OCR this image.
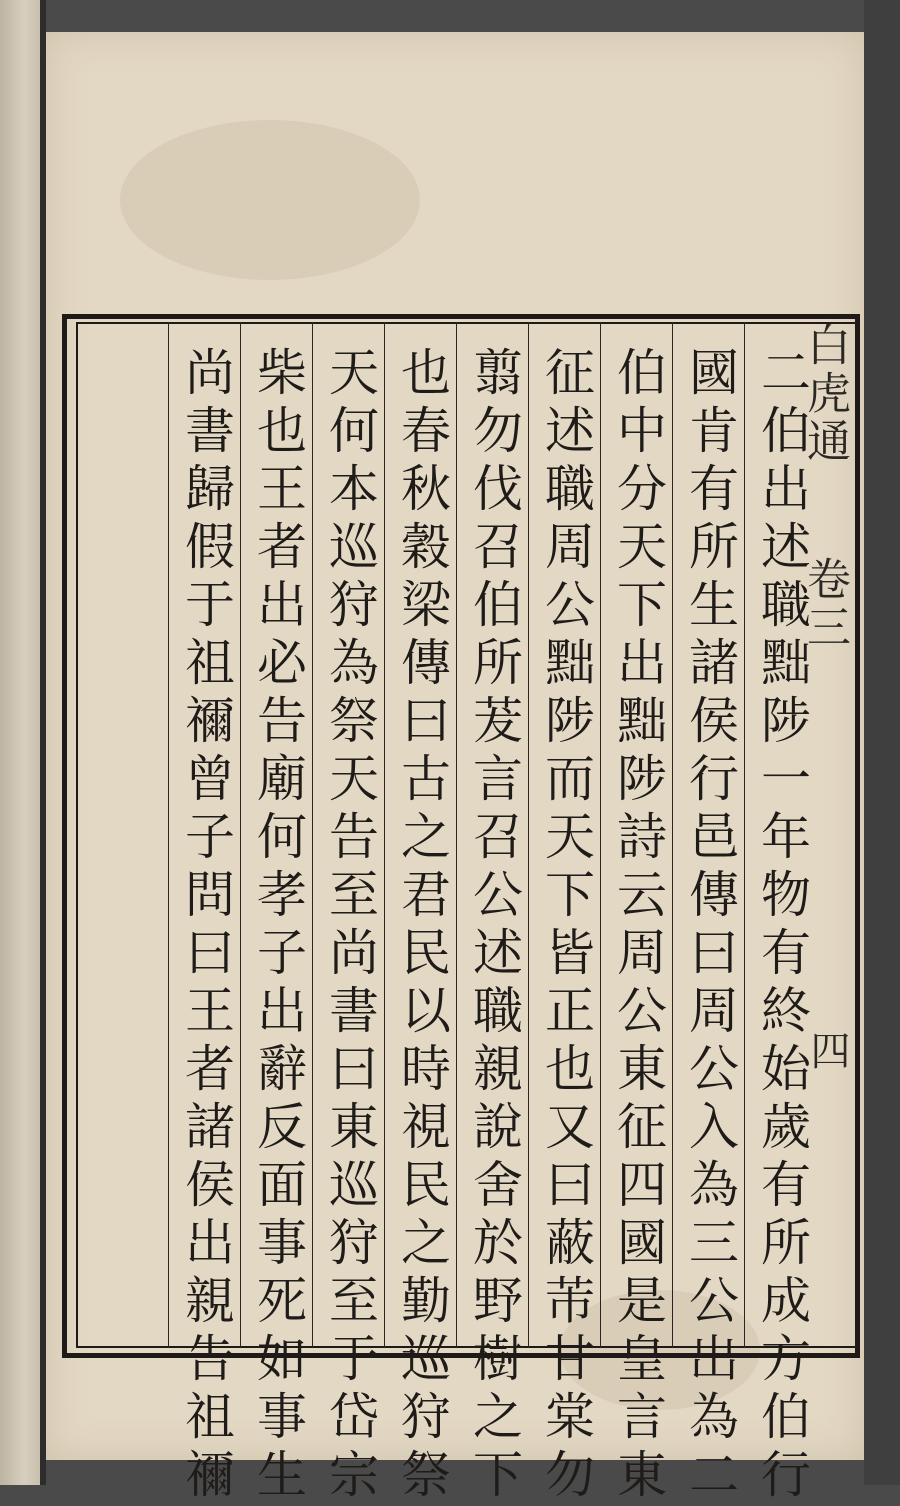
白虎通卷三
四
二伯出述職黜陟一年物有終始歲有所成方伯行
國肯有所生諸侯行邑傳曰周公入為三公出為二
伯中分天下出黜陟詩云周公東征四國是皇言東
征述職周公黜陟而天下皆正也又曰蔽芾甘棠勿
翦勿伐召伯所茇言召公述職親說舍於野樹之下
也春秋穀梁傳曰古之君民以時視民之勤巡狩祭
天何本巡狩為祭天告至尚書曰東巡狩至于岱宗
柴也王者出必告廟何孝子出辭反面事死如事生
尚書歸假于祖禰曾子問曰王者諸侯出親告祖禰
